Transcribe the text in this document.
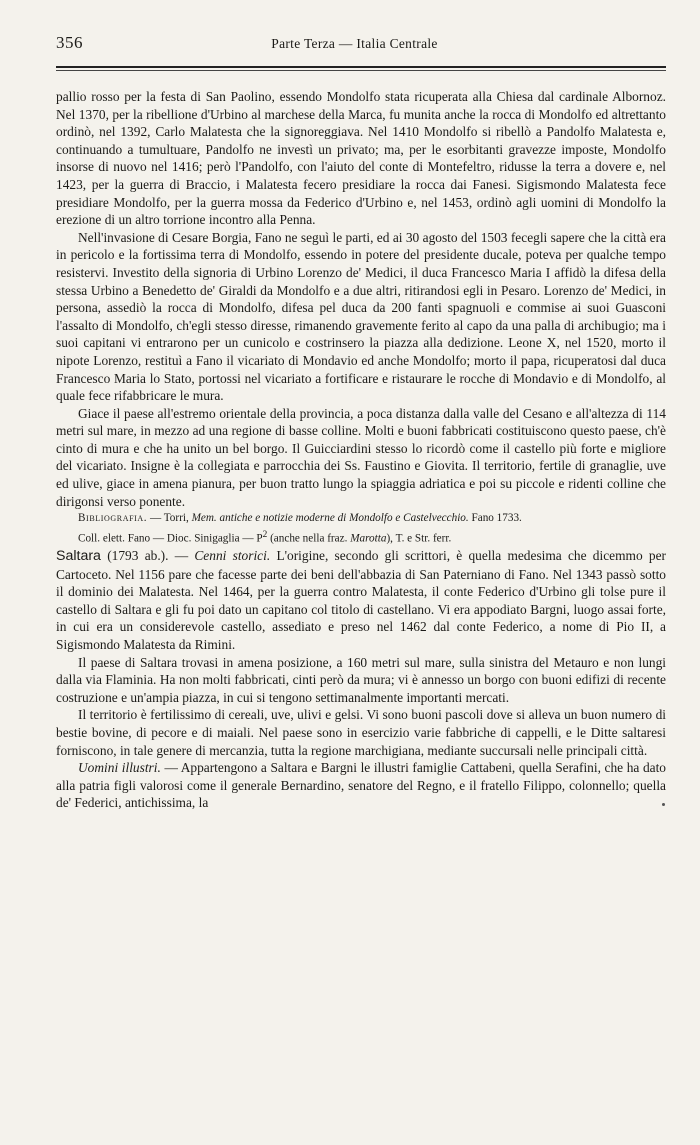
356	Parte Terza — Italia Centrale

pallio rosso per la festa di San Paolino, essendo Mondolfo stata ricuperata alla Chiesa dal cardinale Albornoz. Nel 1370, per la ribellione d'Urbino al marchese della Marca, fu munita anche la rocca di Mondolfo ed altrettanto ordinò, nel 1392, Carlo Malatesta che la signoreggiava. Nel 1410 Mondolfo si ribellò a Pandolfo Malatesta e, continuando a tumultuare, Pandolfo ne investì un privato; ma, per le esorbitanti gravezze imposte, Mondolfo insorse di nuovo nel 1416; però l'Pandolfo, con l'aiuto del conte di Montefeltro, ridusse la terra a dovere e, nel 1423, per la guerra di Braccio, i Malatesta fecero presidiare la rocca dai Fanesi. Sigismondo Malatesta fece presidiare Mondolfo, per la guerra mossa da Federico d'Urbino e, nel 1453, ordinò agli uomini di Mondolfo la erezione di un altro torrione incontro alla Penna.

Nell'invasione di Cesare Borgia, Fano ne seguì le parti, ed ai 30 agosto del 1503 fecegli sapere che la città era in pericolo e la fortissima terra di Mondolfo, essendo in potere del presidente ducale, poteva per qualche tempo resistervi. Investito della signoria di Urbino Lorenzo de' Medici, il duca Francesco Maria I affidò la difesa della stessa Urbino a Benedetto de' Giraldi da Mondolfo e a due altri, ritirandosi egli in Pesaro. Lorenzo de' Medici, in persona, assediò la rocca di Mondolfo, difesa pel duca da 200 fanti spagnuoli e commise ai suoi Guasconi l'assalto di Mondolfo, ch'egli stesso diresse, rimanendo gravemente ferito al capo da una palla di archibugio; ma i suoi capitani vi entrarono per un cunicolo e costrinsero la piazza alla dedizione. Leone X, nel 1520, morto il nipote Lorenzo, restituì a Fano il vicariato di Mondavio ed anche Mondolfo; morto il papa, ricuperatosi dal duca Francesco Maria lo Stato, portossi nel vicariato a fortificare e ristaurare le rocche di Mondavio e di Mondolfo, al quale fece rifabbricare le mura.

Giace il paese all'estremo orientale della provincia, a poca distanza dalla valle del Cesano e all'altezza di 114 metri sul mare, in mezzo ad una regione di basse colline. Molti e buoni fabbricati costituiscono questo paese, ch'è cinto di mura e che ha unito un bel borgo. Il Guicciardini stesso lo ricordò come il castello più forte e migliore del vicariato. Insigne è la collegiata e parrocchia dei Ss. Faustino e Giovita. Il territorio, fertile di granaglie, uve ed ulive, giace in amena pianura, per buon tratto lungo la spiaggia adriatica e poi su piccole e ridenti colline che dirigonsi verso ponente.

Bibliografia. — Torri, Mem. antiche e notizie moderne di Mondolfo e Castelvecchio. Fano 1733.

Coll. elett. Fano — Dioc. Sinigaglia — $P^2$ (anche nella fraz. Marotta), T. e Str. ferr.

Saltara (1793 ab.). — Cenni storici. L'origine, secondo gli scrittori, è quella medesima che dicemmo per Cartoceto. Nel 1156 pare che facesse parte dei beni dell'abbazia di San Paterniano di Fano. Nel 1343 passò sotto il dominio dei Malatesta. Nel 1464, per la guerra contro Malatesta, il conte Federico d'Urbino gli tolse pure il castello di Saltara e gli fu poi dato un capitano col titolo di castellano. Vi era appodiato Bargni, luogo assai forte, in cui era un considerevole castello, assediato e preso nel 1462 dal conte Federico, a nome di Pio II, a Sigismondo Malatesta da Rimini.

Il paese di Saltara trovasi in amena posizione, a 160 metri sul mare, sulla sinistra del Metauro e non lungi dalla via Flaminia. Ha non molti fabbricati, cinti però da mura; vi è annesso un borgo con buoni edifizi di recente costruzione e un'ampia piazza, in cui si tengono settimanalmente importanti mercati.

Il territorio è fertilissimo di cereali, uve, ulivi e gelsi. Vi sono buoni pascoli dove si alleva un buon numero di bestie bovine, di pecore e di maiali. Nel paese sono in esercizio varie fabbriche di cappelli, e le Ditte saltaresi forniscono, in tale genere di mercanzia, tutta la regione marchigiana, mediante succursali nelle principali città.

Uomini illustri. — Appartengono a Saltara e Bargni le illustri famiglie Cattabeni, quella Serafini, che ha dato alla patria figli valorosi come il generale Bernardino, senatore del Regno, e il fratello Filippo, colonnello; quella de' Federici, antichissima, la
